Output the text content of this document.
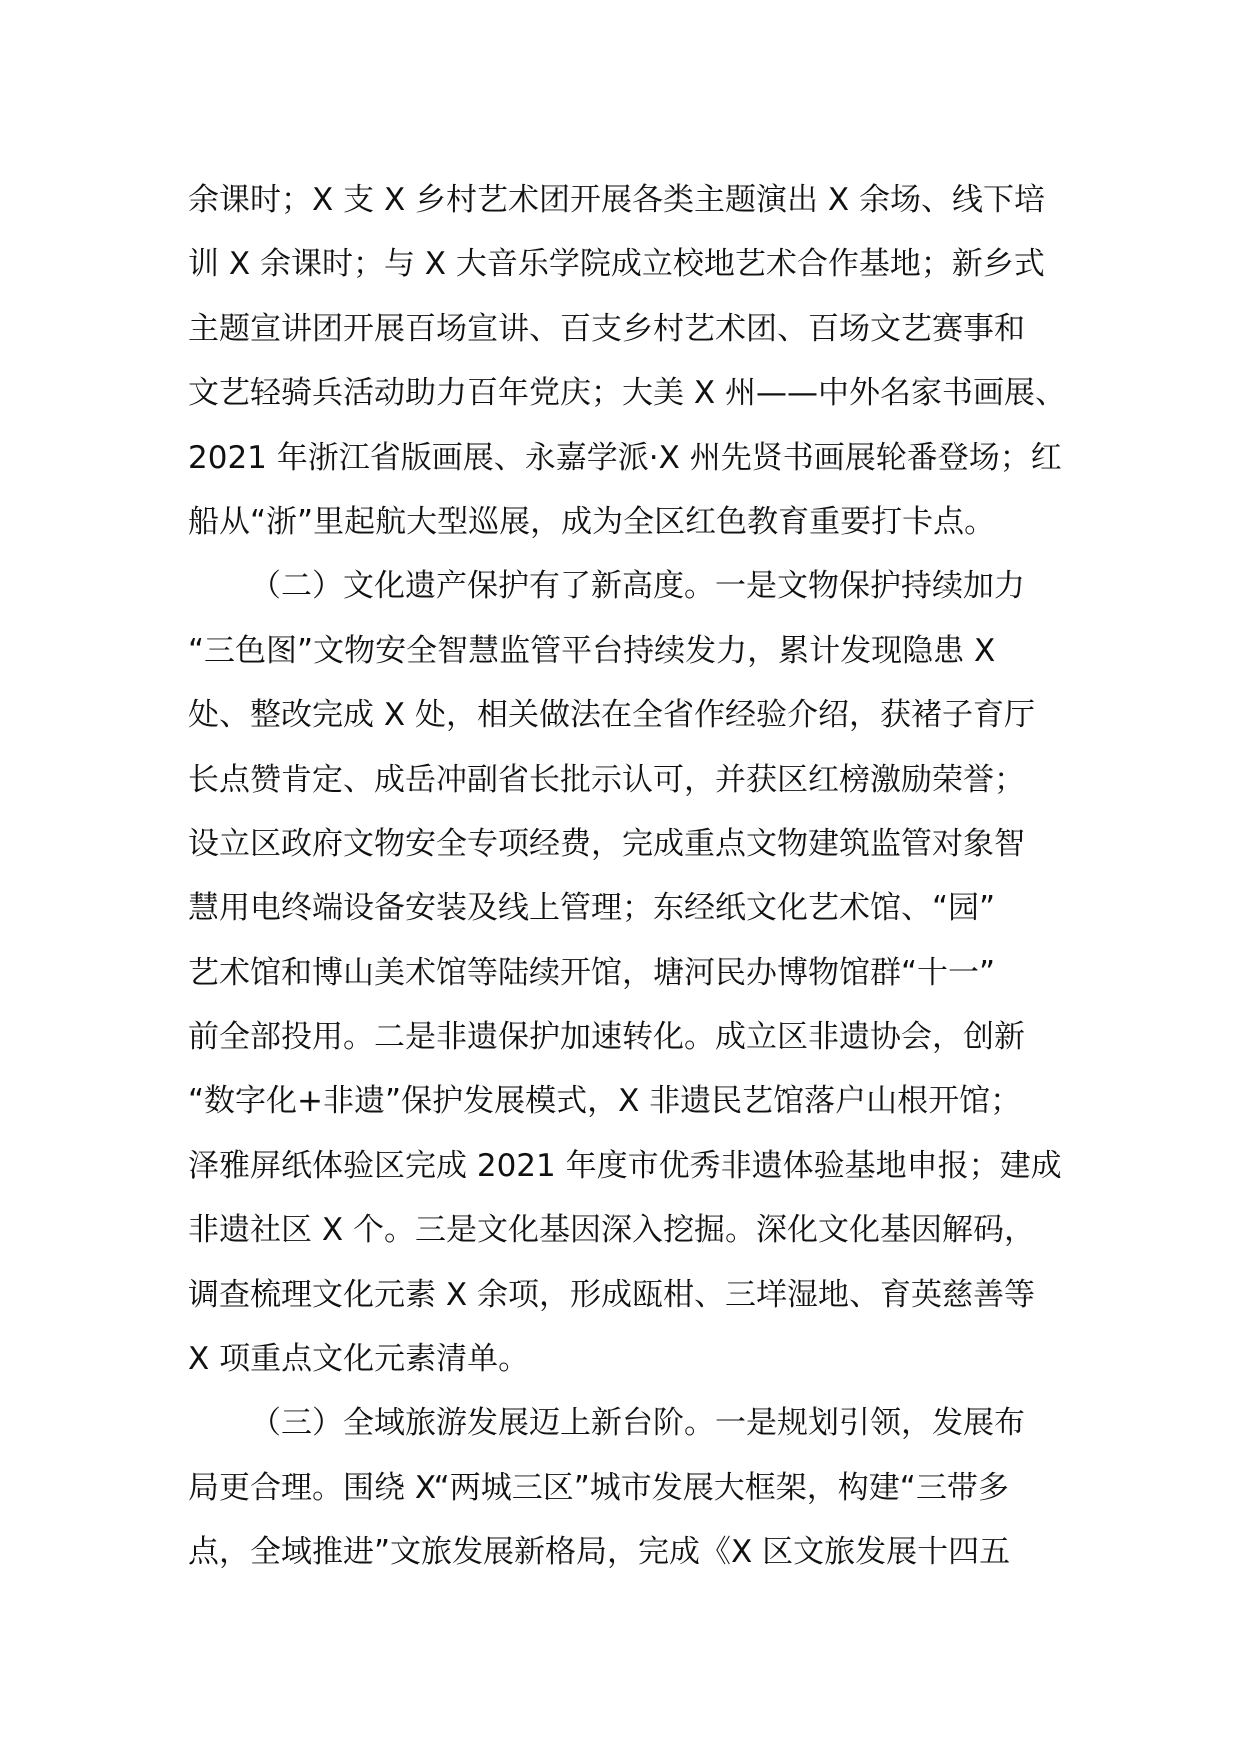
余课时；X 支 X 乡村艺术团开展各类主题演出 X 余场、线下培
训 X 余课时；与 X 大音乐学院成立校地艺术合作基地；新乡式
主题宣讲团开展百场宣讲、百支乡村艺术团、百场文艺赛事和
文艺轻骑兵活动助力百年党庆；大美 X 州——中外名家书画展、
2021 年浙江省版画展、永嘉学派·X 州先贤书画展轮番登场；红
船从“浙”里起航大型巡展，成为全区红色教育重要打卡点。
（二）文化遗产保护有了新高度。一是文物保护持续加力
“三色图”文物安全智慧监管平台持续发力，累计发现隐患 X
处、整改完成 X 处，相关做法在全省作经验介绍，获褚子育厅
长点赞肯定、成岳冲副省长批示认可，并获区红榜激励荣誉；
设立区政府文物安全专项经费，完成重点文物建筑监管对象智
慧用电终端设备安装及线上管理；东经纸文化艺术馆、“园”
艺术馆和博山美术馆等陆续开馆，塘河民办博物馆群“十一”
前全部投用。二是非遗保护加速转化。成立区非遗协会，创新
“数字化+非遗”保护发展模式，X 非遗民艺馆落户山根开馆；
泽雅屏纸体验区完成 2021 年度市优秀非遗体验基地申报；建成
非遗社区 X 个。三是文化基因深入挖掘。深化文化基因解码，
调查梳理文化元素 X 余项，形成瓯柑、三垟湿地、育英慈善等
X 项重点文化元素清单。
（三）全域旅游发展迈上新台阶。一是规划引领，发展布
局更合理。围绕 X“两城三区”城市发展大框架，构建“三带多
点，全域推进”文旅发展新格局，完成《X 区文旅发展十四五
